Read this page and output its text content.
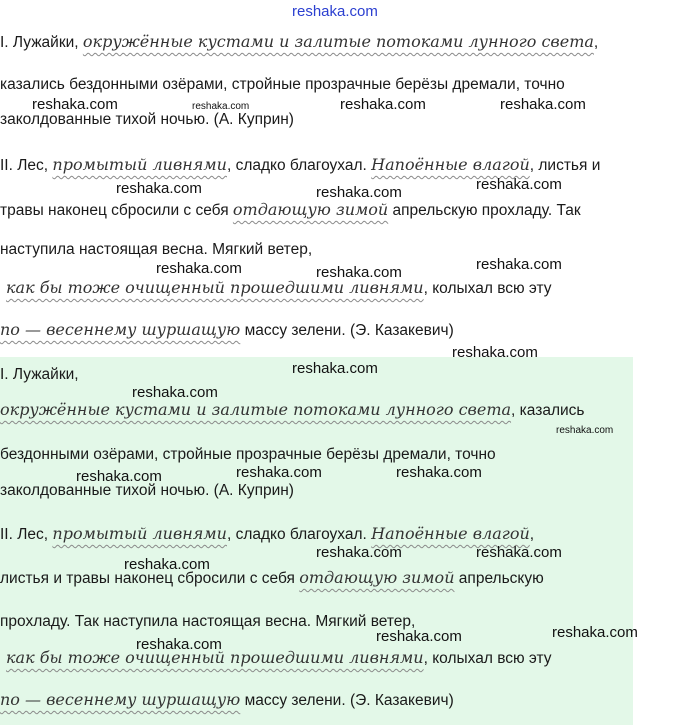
reshaka.com
I. Лужайки, окружённые кустами и залитые потоками лунного света,
казались бездонными озёрами, стройные прозрачные берёзы дремали, точно
заколдованные тихой ночью. (А. Куприн)
II. Лес, промытый ливнями, сладко благоухал. Напоённые влагой, листья и
травы наконец сбросили с себя отдающую зимой апрельскую прохладу. Так
наступила настоящая весна. Мягкий ветер,
как бы тоже очищенный прошедшими ливнями, колыхал всю эту
по — весеннему шуршащую массу зелени. (Э. Казакевич)
I. Лужайки,
окружённые кустами и залитые потоками лунного света, казались
бездонными озёрами, стройные прозрачные берёзы дремали, точно
заколдованные тихой ночью. (А. Куприн)
II. Лес, промытый ливнями, сладко благоухал. Напоённые влагой,
листья и травы наконец сбросили с себя отдающую зимой апрельскую
прохладу. Так наступила настоящая весна. Мягкий ветер,
как бы тоже очищенный прошедшими ливнями, колыхал всю эту
по — весеннему шуршащую массу зелени. (Э. Казакевич)
reshaka.com	reshaka.com	reshaka.com	reshaka.com
reshaka.com	reshaka.com	reshaka.com
reshaka.com	reshaka.com	reshaka.com
reshaka.com
reshaka.com
reshaka.com
reshaka.com
reshaka.com	reshaka.com	reshaka.com
reshaka.com	reshaka.com
reshaka.com
reshaka.com
reshaka.com	reshaka.com
